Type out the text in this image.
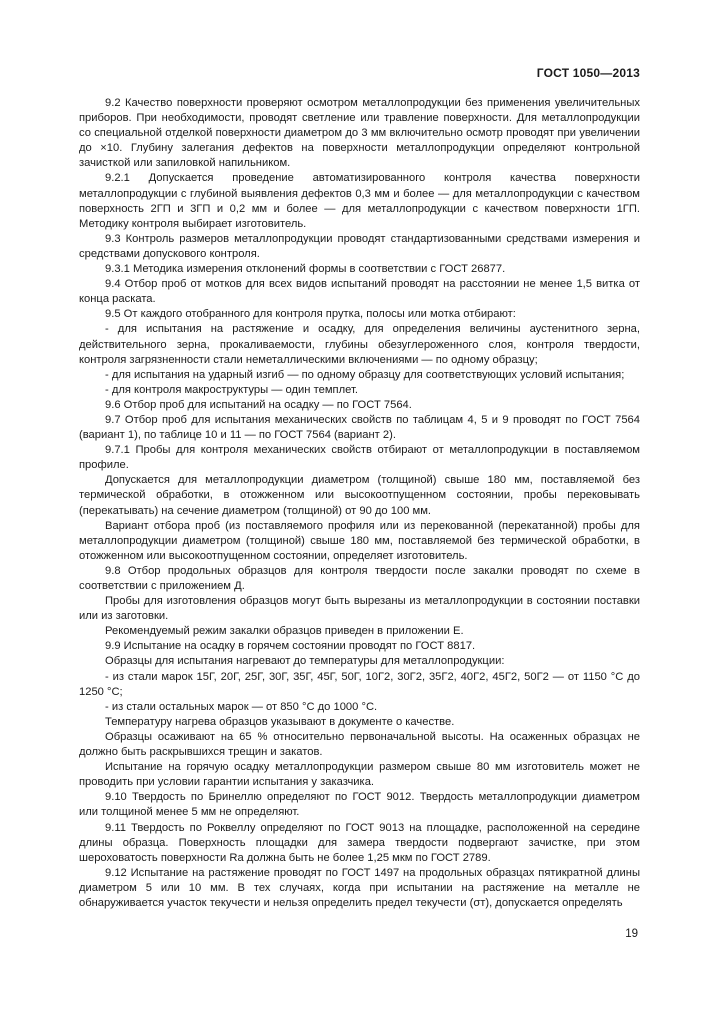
ГОСТ 1050—2013

9.2 Качество поверхности проверяют осмотром металлопродукции без применения увеличительных приборов. При необходимости, проводят светление или травление поверхности. Для металлопродукции со специальной отделкой поверхности диаметром до 3 мм включительно осмотр проводят при увеличении до ×10. Глубину залегания дефектов на поверхности металлопродукции определяют контрольной зачисткой или запиловкой напильником.

9.2.1 Допускается проведение автоматизированного контроля качества поверхности металлопродукции с глубиной выявления дефектов 0,3 мм и более — для металлопродукции с качеством поверхность 2ГП и 3ГП и 0,2 мм и более — для металлопродукции с качеством поверхности 1ГП. Методику контроля выбирает изготовитель.

9.3 Контроль размеров металлопродукции проводят стандартизованными средствами измерения и средствами допускового контроля.

9.3.1 Методика измерения отклонений формы в соответствии с ГОСТ 26877.

9.4 Отбор проб от мотков для всех видов испытаний проводят на расстоянии не менее 1,5 витка от конца раската.

9.5 От каждого отобранного для контроля прутка, полосы или мотка отбирают:

- для испытания на растяжение и осадку, для определения величины аустенитного зерна, действительного зерна, прокаливаемости, глубины обезуглероженного слоя, контроля твердости, контроля загрязненности стали неметаллическими включениями — по одному образцу;

- для испытания на ударный изгиб — по одному образцу для соответствующих условий испытания;

- для контроля макроструктуры — один темплет.

9.6 Отбор проб для испытаний на осадку — по ГОСТ 7564.

9.7 Отбор проб для испытания механических свойств по таблицам 4, 5 и 9 проводят по ГОСТ 7564 (вариант 1), по таблице 10 и 11 — по ГОСТ 7564 (вариант 2).

9.7.1 Пробы для контроля механических свойств отбирают от металлопродукции в поставляемом профиле.

Допускается для металлопродукции диаметром (толщиной) свыше 180 мм, поставляемой без термической обработки, в отожженном или высокоотпущенном состоянии, пробы перековывать (перекатывать) на сечение диаметром (толщиной) от 90 до 100 мм.

Вариант отбора проб (из поставляемого профиля или из перекованной (перекатанной) пробы для металлопродукции диаметром (толщиной) свыше 180 мм, поставляемой без термической обработки, в отожженном или высокоотпущенном состоянии, определяет изготовитель.

9.8 Отбор продольных образцов для контроля твердости после закалки проводят по схеме в соответствии с приложением Д.

Пробы для изготовления образцов могут быть вырезаны из металлопродукции в состоянии поставки или из заготовки.

Рекомендуемый режим закалки образцов приведен в приложении Е.

9.9 Испытание на осадку в горячем состоянии проводят по ГОСТ 8817.

Образцы для испытания нагревают до температуры для металлопродукции:

- из стали марок 15Г, 20Г, 25Г, 30Г, 35Г, 45Г, 50Г, 10Г2, 30Г2, 35Г2, 40Г2, 45Г2, 50Г2 — от 1150 °С до 1250 °С;

- из стали остальных марок — от 850 °С до 1000 °С.

Температуру нагрева образцов указывают в документе о качестве.

Образцы осаживают на 65 % относительно первоначальной высоты. На осаженных образцах не должно быть раскрывшихся трещин и закатов.

Испытание на горячую осадку металлопродукции размером свыше 80 мм изготовитель может не проводить при условии гарантии испытания у заказчика.

9.10 Твердость по Бринеллю определяют по ГОСТ 9012. Твердость металлопродукции диаметром или толщиной менее 5 мм не определяют.

9.11 Твердость по Роквеллу определяют по ГОСТ 9013 на площадке, расположенной на середине длины образца. Поверхность площадки для замера твердости подвергают зачистке, при этом шероховатость поверхности Ra должна быть не более 1,25 мкм по ГОСТ 2789.

9.12 Испытание на растяжение проводят по ГОСТ 1497 на продольных образцах пятикратной длины диаметром 5 или 10 мм. В тех случаях, когда при испытании на растяжение на металле не обнаруживается участок текучести и нельзя определить предел текучести (σт), допускается определять

19
